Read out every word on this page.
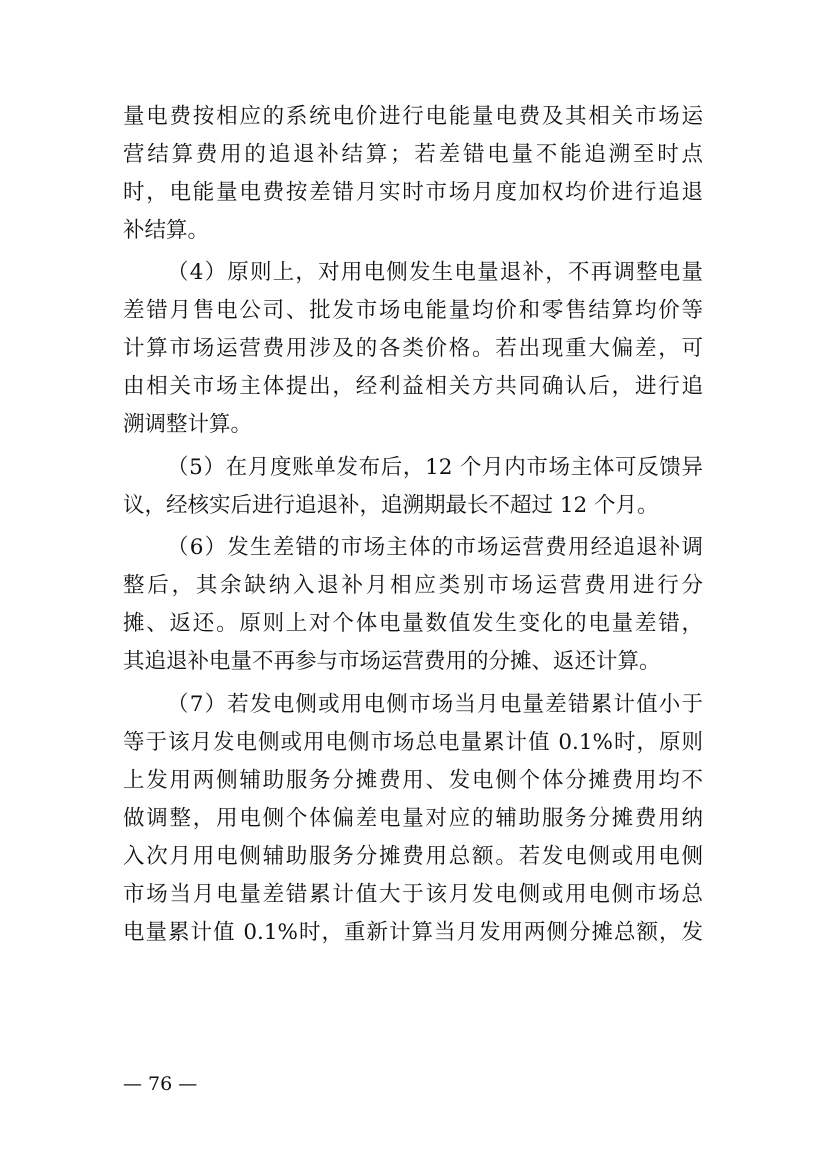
量电费按相应的系统电价进行电能量电费及其相关市场运
营结算费用的追退补结算；若差错电量不能追溯至时点
时，电能量电费按差错月实时市场月度加权均价进行追退
补结算。
（4）原则上，对用电侧发生电量退补，不再调整电量
差错月售电公司、批发市场电能量均价和零售结算均价等
计算市场运营费用涉及的各类价格。若出现重大偏差，可
由相关市场主体提出，经利益相关方共同确认后，进行追
溯调整计算。
（5）在月度账单发布后，12 个月内市场主体可反馈异
议，经核实后进行追退补，追溯期最长不超过 12 个月。
（6）发生差错的市场主体的市场运营费用经追退补调
整后，其余缺纳入退补月相应类别市场运营费用进行分
摊、返还。原则上对个体电量数值发生变化的电量差错，
其追退补电量不再参与市场运营费用的分摊、返还计算。
（7）若发电侧或用电侧市场当月电量差错累计值小于
等于该月发电侧或用电侧市场总电量累计值 0.1%时，原则
上发用两侧辅助服务分摊费用、发电侧个体分摊费用均不
做调整，用电侧个体偏差电量对应的辅助服务分摊费用纳
入次月用电侧辅助服务分摊费用总额。若发电侧或用电侧
市场当月电量差错累计值大于该月发电侧或用电侧市场总
电量累计值 0.1%时，重新计算当月发用两侧分摊总额，发
— 76 —
